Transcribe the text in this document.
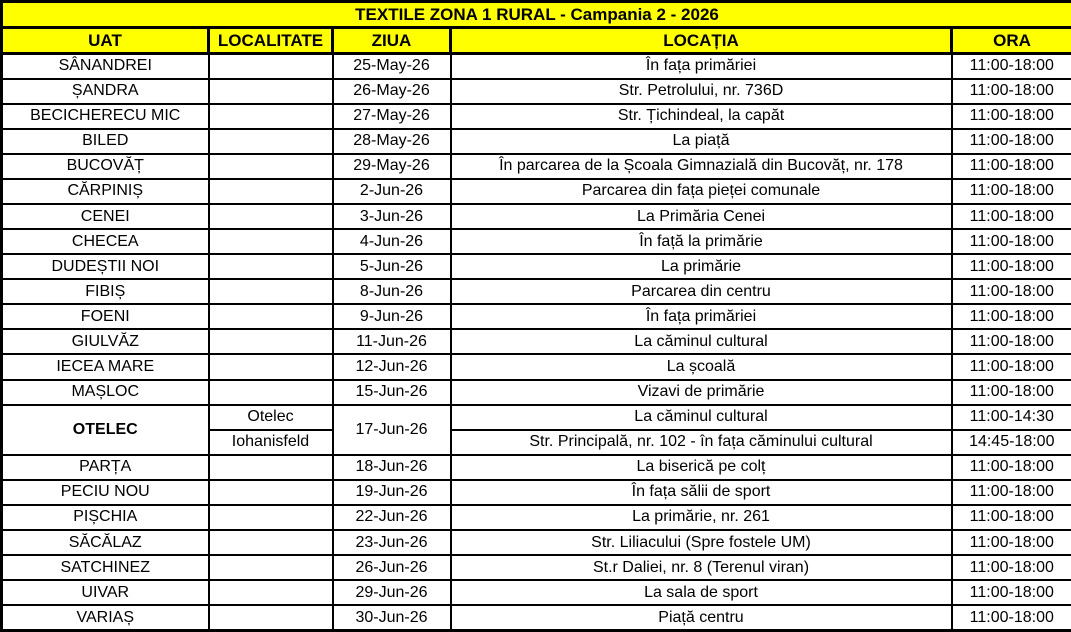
TEXTILE ZONA 1 RURAL - Campania 2 - 2026				
UAT	LOCALITATE	ZIUA	LOCAȚIA	ORA
SÂNANDREI		25-May-26	În fața primăriei	11:00-18:00
ȘANDRA		26-May-26	Str. Petrolului, nr. 736D	11:00-18:00
BECICHERECU MIC		27-May-26	Str. Țichindeal, la capăt	11:00-18:00
BILED		28-May-26	La piață	11:00-18:00
BUCOVĂȚ		29-May-26	În parcarea de la Școala Gimnazială din Bucovăț, nr. 178	11:00-18:00
CĂRPINIȘ		2-Jun-26	Parcarea din fața pieței comunale	11:00-18:00
CENEI		3-Jun-26	La Primăria Cenei	11:00-18:00
CHECEA		4-Jun-26	În față la primărie	11:00-18:00
DUDEȘTII NOI		5-Jun-26	La primărie	11:00-18:00
FIBIȘ		8-Jun-26	Parcarea din centru	11:00-18:00
FOENI		9-Jun-26	În fața primăriei	11:00-18:00
GIULVĂZ		11-Jun-26	La căminul cultural	11:00-18:00
IECEA MARE		12-Jun-26	La școală	11:00-18:00
MAȘLOC		15-Jun-26	Vizavi de primărie	11:00-18:00
OTELEC	Otelec	17-Jun-26	La căminul cultural	11:00-14:30
	Iohanisfeld		Str. Principală, nr. 102 - în fața căminului cultural	14:45-18:00
PARȚA		18-Jun-26	La biserică pe colț	11:00-18:00
PECIU NOU		19-Jun-26	În fața sălii de sport	11:00-18:00
PIȘCHIA		22-Jun-26	La primărie, nr. 261	11:00-18:00
SĂCĂLAZ		23-Jun-26	Str. Liliacului (Spre fostele UM)	11:00-18:00
SATCHINEZ		26-Jun-26	St.r Daliei, nr. 8 (Terenul viran)	11:00-18:00
UIVAR		29-Jun-26	La sala de sport	11:00-18:00
VARIAȘ		30-Jun-26	Piață centru	11:00-18:00
